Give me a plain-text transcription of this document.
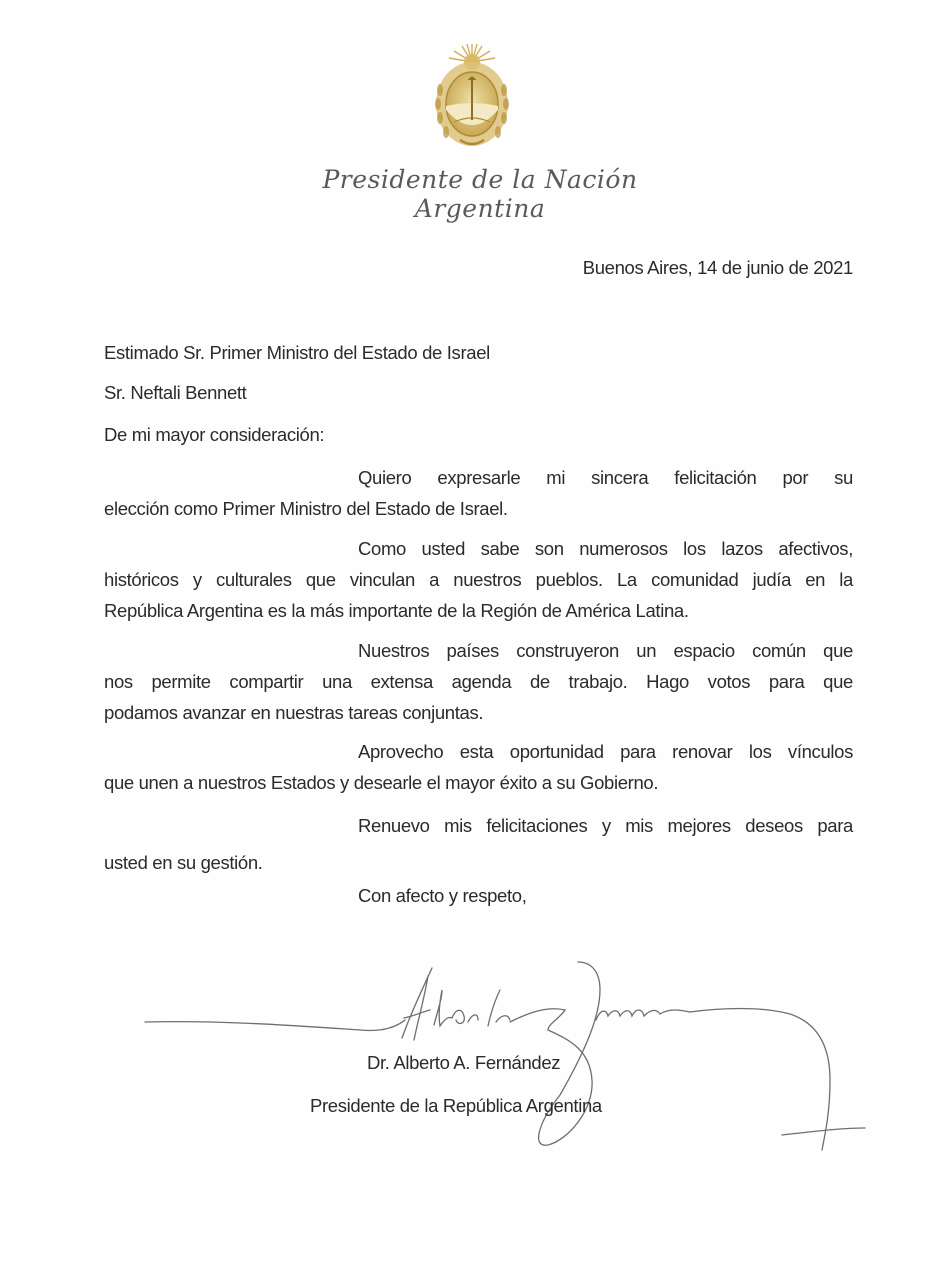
Presidente de la Nación Argentina
Buenos Aires, 14 de junio de 2021
Estimado Sr. Primer Ministro del Estado de Israel
Sr. Neftali Bennett
De mi mayor consideración:
Quiero expresarle mi sincera felicitación por su
elección como Primer Ministro del Estado de Israel.
Como usted sabe son numerosos los lazos afectivos,
históricos y culturales que vinculan a nuestros pueblos. La comunidad judía en la
República Argentina es la más importante de la Región de América Latina.
Nuestros países construyeron un espacio común que
nos permite compartir una extensa agenda de trabajo. Hago votos para que
podamos avanzar en nuestras tareas conjuntas.
Aprovecho esta oportunidad para renovar los vínculos
que unen a nuestros Estados y desearle el mayor éxito a su Gobierno.
Renuevo mis felicitaciones y mis mejores deseos para
usted en su gestión.
Con afecto y respeto,
Dr. Alberto A. Fernández
Presidente de la República Argentina
